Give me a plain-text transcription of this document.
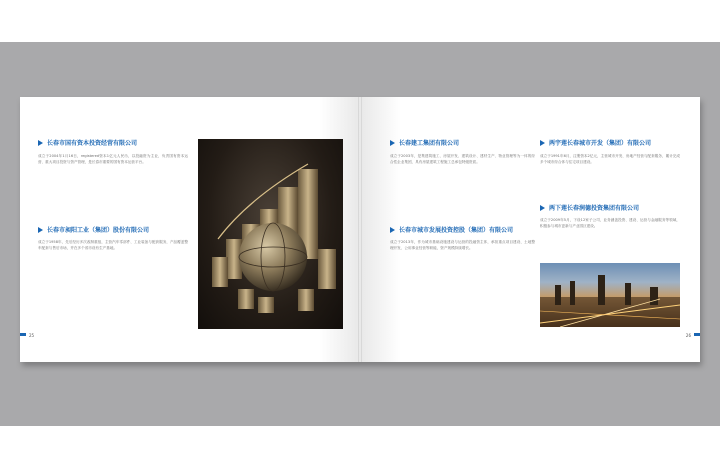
长春市国有资本投资经营有限公司
成立于2004年1月16日，registered资本1亿元人民币，以投融资为主业，负责国有资本运营、重大项目投资与资产管理，是长春市重要的国有资本运营平台。
长春市昶阳工业（集团）股份有限公司
成立于1958年，先后经历多次改制重组，主营汽车零部件、工业装备与配套服务，产品覆盖整车配套与售后市场，并在多个省市设有生产基地。
25
长春建工集团有限公司
成立于2003年，是集建筑施工、房屋开发、建筑设计、建材生产、物业管理等为一体的综合性企业集团，具有房屋建筑工程施工总承包特级资质。
长春市城市发展投资控股（集团）有限公司
成立于2013年，作为城市基础设施建设与运营的投融资主体，承担重点项目建设、土地整理开发、公用事业经营等职能，资产规模持续增长。
两宇莲长春城市开发（集团）有限公司
成立于1991年6月，注册资本2亿元，主营城市开发、房地产经营与配套服务，累计完成多个城市综合体与住宅项目建设。
两下莲长春润德投资集团有限公司
成立于2009年5月，下设12家子公司，业务涵盖投资、建设、运营与金融服务等领域，积极参与城市更新与产业园区建设。
26
